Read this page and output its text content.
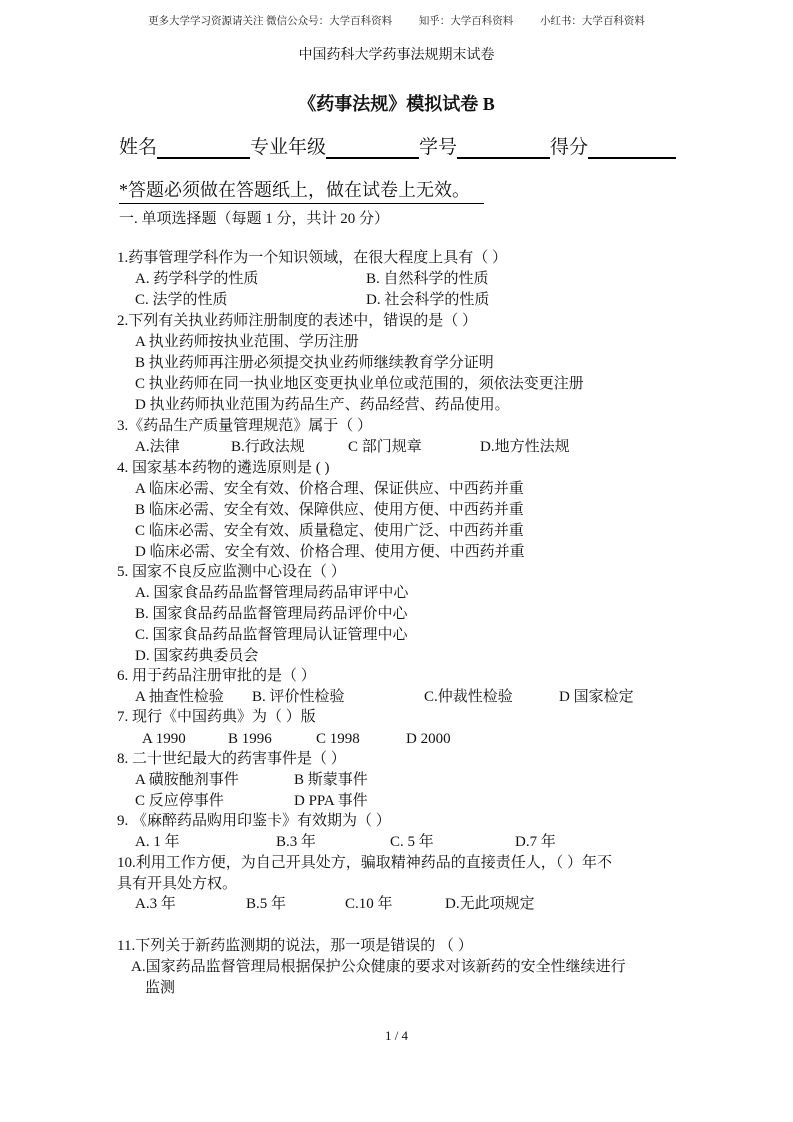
更多大学学习资源请关注 微信公众号：大学百科资料	知乎：大学百科资料	小红书：大学百科资料
中国药科大学药事法规期末试卷
《药事法规》模拟试卷 B
姓名	专业年级	学号	得分
*答题必须做在答题纸上，做在试卷上无效。
一. 单项选择题（每题 1 分，共计 20 分）
1.药事管理学科作为一个知识领域，在很大程度上具有（ ）
A. 药学科学的性质	B. 自然科学的性质
C. 法学的性质	D. 社会科学的性质
2.下列有关执业药师注册制度的表述中，错误的是（ ）
A 执业药师按执业范围、学历注册
B 执业药师再注册必须提交执业药师继续教育学分证明
C 执业药师在同一执业地区变更执业单位或范围的，须依法变更注册
D 执业药师执业范围为药品生产、药品经营、药品使用。
3.《药品生产质量管理规范》属于（ ）
A.法律	B.行政法规	C 部门规章	D.地方性法规
4. 国家基本药物的遴选原则是 ( )
A 临床必需、安全有效、价格合理、保证供应、中西药并重
B 临床必需、安全有效、保障供应、使用方便、中西药并重
C 临床必需、安全有效、质量稳定、使用广泛、中西药并重
D 临床必需、安全有效、价格合理、使用方便、中西药并重
5. 国家不良反应监测中心设在（ ）
A. 国家食品药品监督管理局药品审评中心
B. 国家食品药品监督管理局药品评价中心
C. 国家食品药品监督管理局认证管理中心
D. 国家药典委员会
6. 用于药品注册审批的是（ ）
A 抽查性检验 B. 评价性检验	C.仲裁性检验	D 国家检定
7. 现行《中国药典》为（ ）版
A 1990	B 1996	C 1998	D 2000
8. 二十世纪最大的药害事件是（ ）
A 磺胺酏剂事件	B 斯蒙事件
C 反应停事件	D PPA 事件
9. 《麻醉药品购用印鉴卡》有效期为（ ）
A. 1 年	B.3 年	C. 5 年	D.7 年
10.利用工作方便，为自己开具处方，骗取精神药品的直接责任人，（ ）年不
具有开具处方权。
A.3 年	B.5 年	C.10 年	D.无此项规定
11.下列关于新药监测期的说法，那一项是错误的 （ ）
A.国家药品监督管理局根据保护公众健康的要求对该新药的安全性继续进行
监测
1 / 4
